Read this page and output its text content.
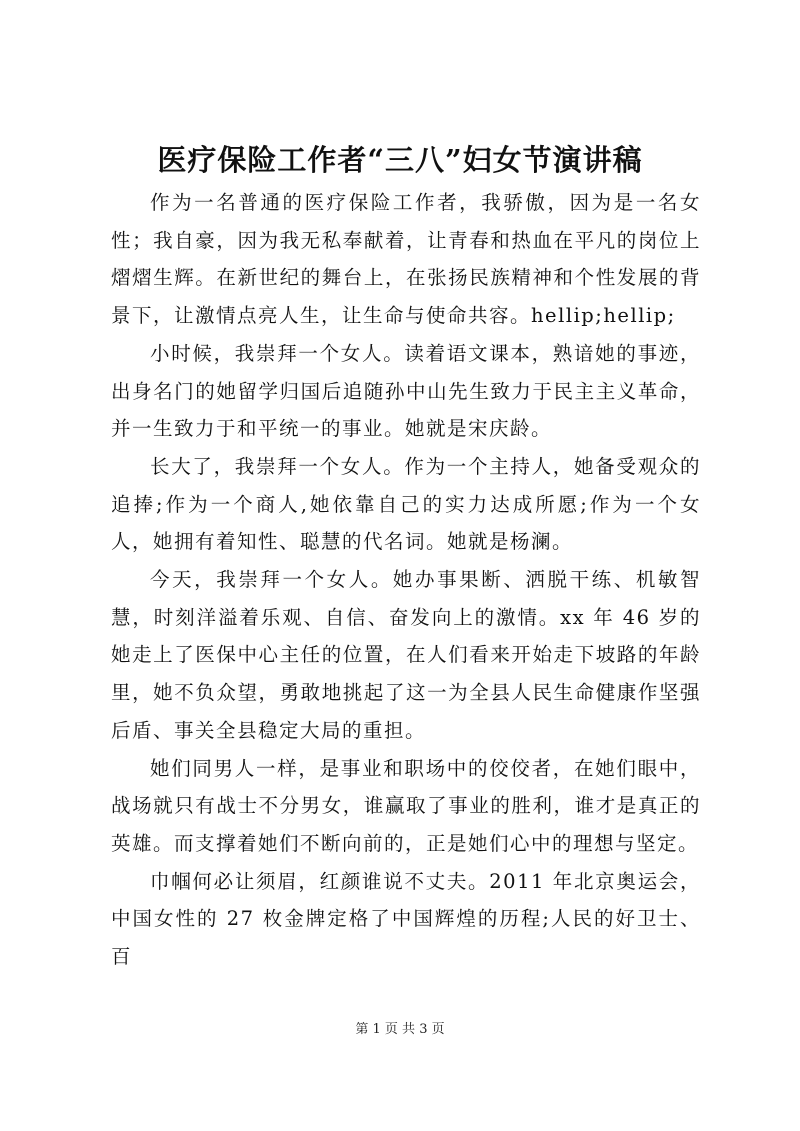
医疗保险工作者“三八”妇女节演讲稿

作为一名普通的医疗保险工作者，我骄傲，因为是一名女性；我自豪，因为我无私奉献着，让青春和热血在平凡的岗位上熠熠生辉。在新世纪的舞台上，在张扬民族精神和个性发展的背景下，让激情点亮人生，让生命与使命共容。hellip;hellip;

小时候，我崇拜一个女人。读着语文课本，熟谙她的事迹，出身名门的她留学归国后追随孙中山先生致力于民主主义革命，并一生致力于和平统一的事业。她就是宋庆龄。

长大了，我崇拜一个女人。作为一个主持人，她备受观众的追捧;作为一个商人,她依靠自己的实力达成所愿;作为一个女人，她拥有着知性、聪慧的代名词。她就是杨澜。

今天，我崇拜一个女人。她办事果断、洒脱干练、机敏智慧，时刻洋溢着乐观、自信、奋发向上的激情。xx 年 46 岁的她走上了医保中心主任的位置，在人们看来开始走下坡路的年龄里，她不负众望，勇敢地挑起了这一为全县人民生命健康作坚强后盾、事关全县稳定大局的重担。

她们同男人一样，是事业和职场中的佼佼者，在她们眼中，战场就只有战士不分男女，谁赢取了事业的胜利，谁才是真正的英雄。而支撑着她们不断向前的，正是她们心中的理想与坚定。

巾帼何必让须眉，红颜谁说不丈夫。2011 年北京奥运会，中国女性的 27 枚金牌定格了中国辉煌的历程;人民的好卫士、百

第 1 页 共 3 页
